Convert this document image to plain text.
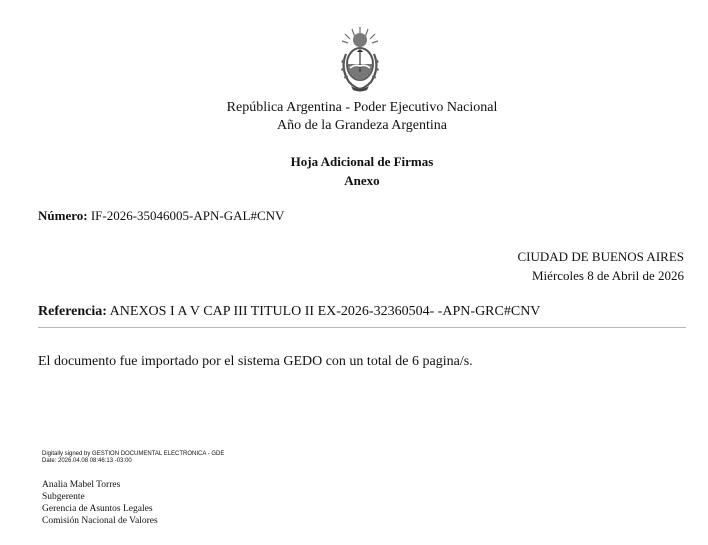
República Argentina - Poder Ejecutivo Nacional
Año de la Grandeza Argentina
Hoja Adicional de Firmas
Anexo
Número: IF-2026-35046005-APN-GAL#CNV
CIUDAD DE BUENOS AIRES
Miércoles 8 de Abril de 2026
Referencia: ANEXOS I A V CAP III TITULO II EX-2026-32360504- -APN-GRC#CNV
El documento fue importado por el sistema GEDO con un total de 6 pagina/s.
Digitally signed by GESTION DOCUMENTAL ELECTRONICA - GDE
Date: 2026.04.08 08:46:13 -03:00
Analia Mabel Torres
Subgerente
Gerencia de Asuntos Legales
Comisión Nacional de Valores
